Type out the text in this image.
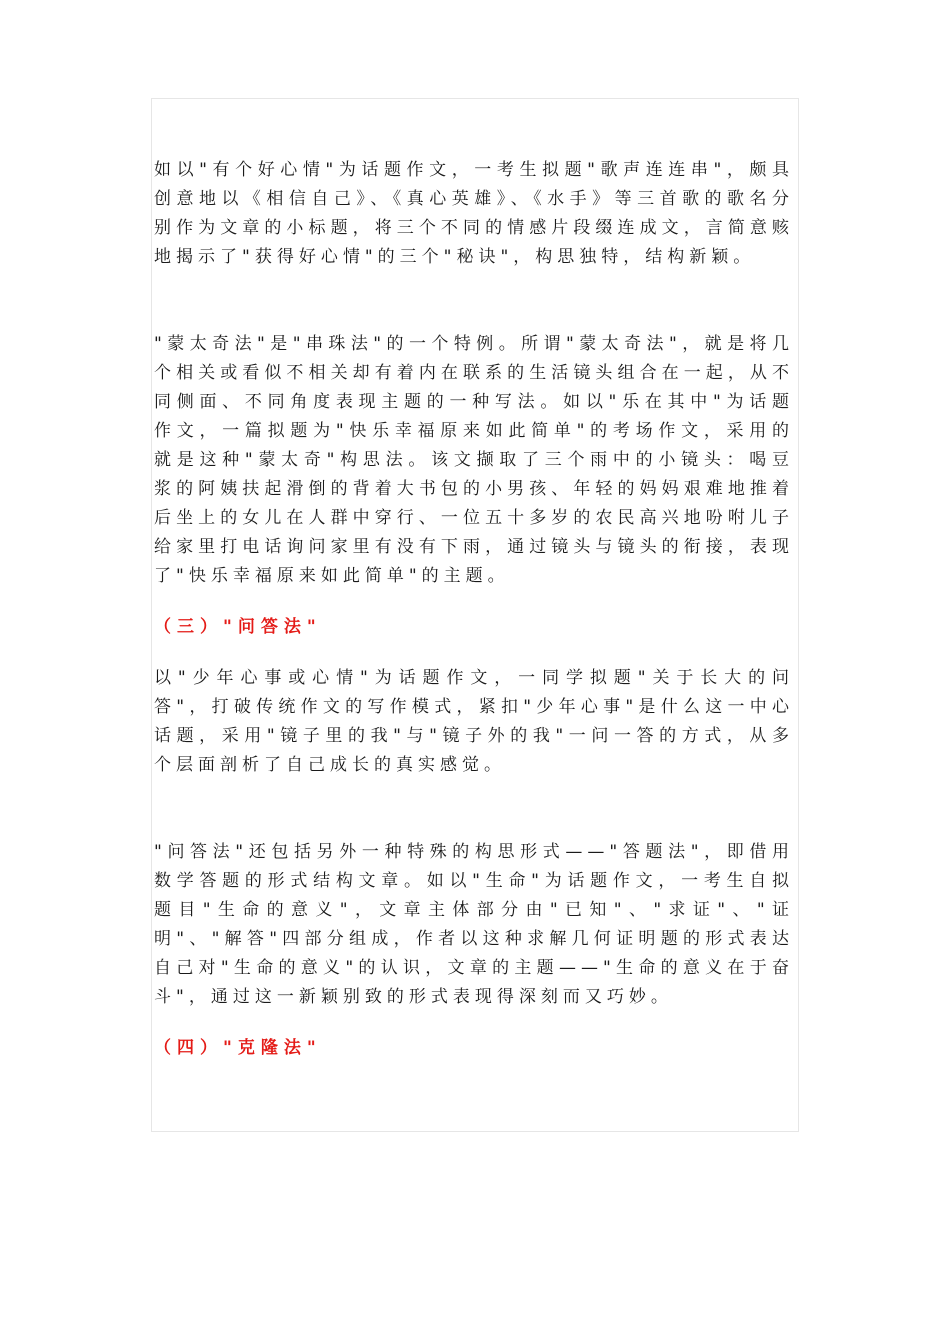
如以"有个好心情"为话题作文，一考生拟题"歌声连连串"，颇具创意地以《相信自己》、《真心英雄》、《水手》等三首歌的歌名分别作为文章的小标题，将三个不同的情感片段缀连成文，言简意赅地揭示了"获得好心情"的三个"秘诀"，构思独特，结构新颖。

"蒙太奇法"是"串珠法"的一个特例。所谓"蒙太奇法"，就是将几个相关或看似不相关却有着内在联系的生活镜头组合在一起，从不同侧面、不同角度表现主题的一种写法。如以"乐在其中"为话题作文，一篇拟题为"快乐幸福原来如此简单"的考场作文，采用的就是这种"蒙太奇"构思法。该文撷取了三个雨中的小镜头：喝豆浆的阿姨扶起滑倒的背着大书包的小男孩、年轻的妈妈艰难地推着后坐上的女儿在人群中穿行、一位五十多岁的农民高兴地吩咐儿子给家里打电话询问家里有没有下雨，通过镜头与镜头的衔接，表现了"快乐幸福原来如此简单"的主题。

（三）"问答法"

以"少年心事或心情"为话题作文，一同学拟题"关于长大的问答"，打破传统作文的写作模式，紧扣"少年心事"是什么这一中心话题，采用"镜子里的我"与"镜子外的我"一问一答的方式，从多个层面剖析了自己成长的真实感觉。

"问答法"还包括另外一种特殊的构思形式——"答题法"，即借用数学答题的形式结构文章。如以"生命"为话题作文，一考生自拟题目"生命的意义"，文章主体部分由"已知"、"求证"、"证明"、"解答"四部分组成，作者以这种求解几何证明题的形式表达自己对"生命的意义"的认识，文章的主题——"生命的意义在于奋斗"，通过这一新颖别致的形式表现得深刻而又巧妙。

（四）"克隆法"
